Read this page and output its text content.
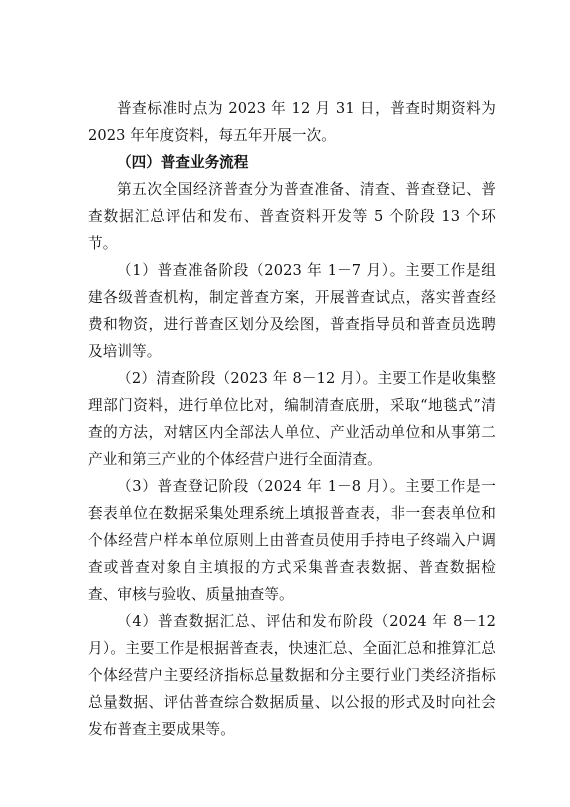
普查标准时点为 2023 年 12 月 31 日，普查时期资料为 2023 年年度资料，每五年开展一次。

（四）普查业务流程

第五次全国经济普查分为普查准备、清查、普查登记、普查数据汇总评估和发布、普查资料开发等 5 个阶段 13 个环节。

（1）普查准备阶段（2023 年 1－7 月）。主要工作是组建各级普查机构，制定普查方案，开展普查试点，落实普查经费和物资，进行普查区划分及绘图，普查指导员和普查员选聘及培训等。

（2）清查阶段（2023 年 8－12 月）。主要工作是收集整理部门资料，进行单位比对，编制清查底册，采取“地毯式”清查的方法，对辖区内全部法人单位、产业活动单位和从事第二产业和第三产业的个体经营户进行全面清查。

（3）普查登记阶段（2024 年 1－8 月）。主要工作是一套表单位在数据采集处理系统上填报普查表，非一套表单位和个体经营户样本单位原则上由普查员使用手持电子终端入户调查或普查对象自主填报的方式采集普查表数据、普查数据检查、审核与验收、质量抽查等。

（4）普查数据汇总、评估和发布阶段（2024 年 8－12 月）。主要工作是根据普查表，快速汇总、全面汇总和推算汇总个体经营户主要经济指标总量数据和分主要行业门类经济指标总量数据、评估普查综合数据质量、以公报的形式及时向社会发布普查主要成果等。
